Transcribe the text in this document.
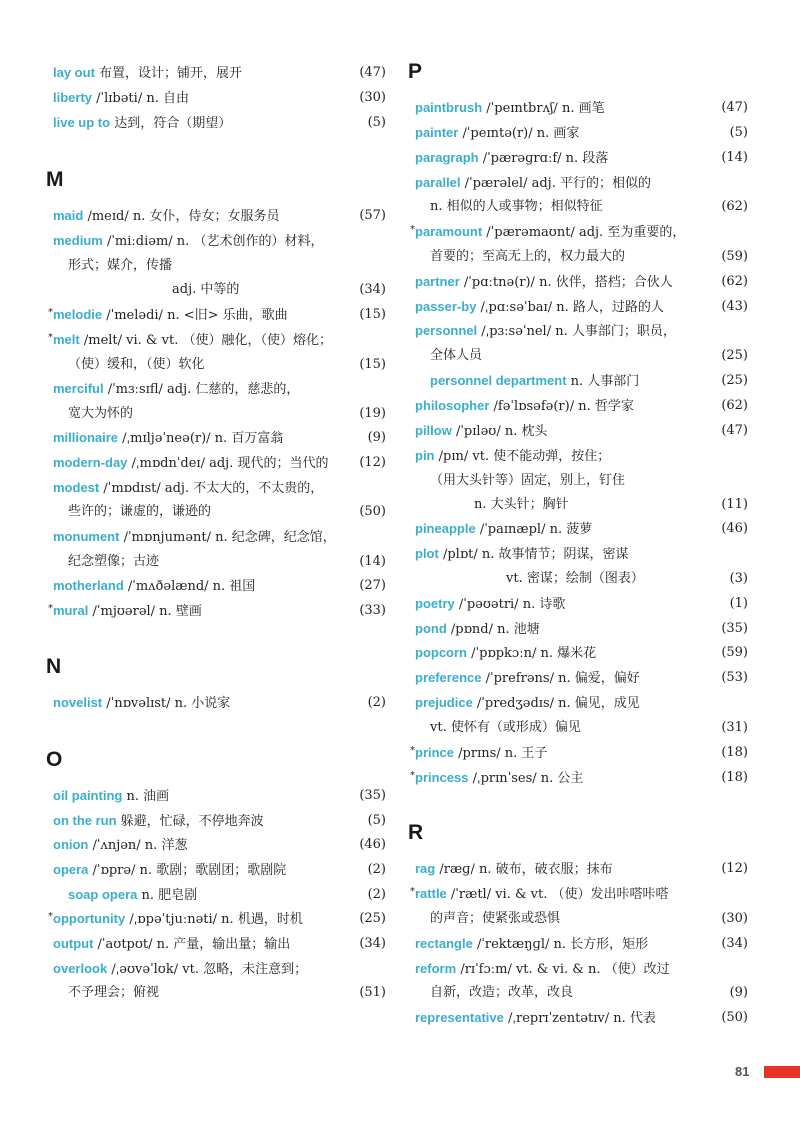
lay out 布置，设计；铺开，展开	(47)
liberty /ˈlɪbəti/ n. 自由	(30)
live up to 达到，符合（期望）	(5)
M
maid /meɪd/ n. 女仆，侍女；女服务员	(57)
medium /ˈmiːdiəm/ n. （艺术创作的）材料，
形式；媒介，传播
adj. 中等的	(34)
* melodie /ˈmelədi/ n. <旧> 乐曲，歌曲	(15)
* melt /melt/ vi. & vt. （使）融化，（使）熔化；
（使）缓和，（使）软化	(15)
merciful /ˈmɜːsɪfl/ adj. 仁慈的，慈悲的，
宽大为怀的	(19)
millionaire /ˌmɪljəˈneə(r)/ n. 百万富翁	(9)
modern-day /ˌmɒdnˈdeɪ/ adj. 现代的；当代的 (12)
modest /ˈmɒdɪst/ adj. 不太大的，不太贵的，
些许的；谦虚的，谦逊的	(50)
monument /ˈmɒnjumənt/ n. 纪念碑，纪念馆，
纪念塑像；古迹	(14)
motherland /ˈmʌðəlænd/ n. 祖国	(27)
* mural /ˈmjʊərəl/ n. 壁画	(33)
N
novelist /ˈnɒvəlɪst/ n. 小说家	(2)
O
oil painting n. 油画	(35)
on the run 躲避，忙碌，不停地奔波	(5)
onion /ˈʌnjən/ n. 洋葱	(46)
opera /ˈɒprə/ n. 歌剧；歌剧团；歌剧院	(2)
soap opera n. 肥皂剧	(2)
* opportunity /ˌɒpəˈtjuːnəti/ n. 机遇，时机	(25)
output /ˈaʊtpʊt/ n. 产量，输出量；输出	(34)
overlook /ˌəʊvəˈlʊk/ vt. 忽略，未注意到；
不予理会；俯视	(51)
P
paintbrush /ˈpeɪntbrʌʃ/ n. 画笔	(47)
painter /ˈpeɪntə(r)/ n. 画家	(5)
paragraph /ˈpærəɡrɑːf/ n. 段落	(14)
parallel /ˈpærəlel/ adj. 平行的；相似的
n. 相似的人或事物；相似特征	(62)
* paramount /ˈpærəmaʊnt/ adj. 至为重要的，
首要的；至高无上的，权力最大的	(59)
partner /ˈpɑːtnə(r)/ n. 伙伴，搭档；合伙人	(62)
passer-by /ˌpɑːsəˈbaɪ/ n. 路人，过路的人	(43)
personnel /ˌpɜːsəˈnel/ n. 人事部门；职员，
全体人员	(25)
personnel department n. 人事部门	(25)
philosopher /fəˈlɒsəfə(r)/ n. 哲学家	(62)
pillow /ˈpɪləʊ/ n. 枕头	(47)
pin /pɪn/ vt. 使不能动弹，按住；
（用大头针等）固定，别上，钉住
n. 大头针；胸针	(11)
pineapple /ˈpaɪnæpl/ n. 菠萝	(46)
plot /plɒt/ n. 故事情节；阴谋，密谋
vt. 密谋；绘制（图表）	(3)
poetry /ˈpəʊətri/ n. 诗歌	(1)
pond /pɒnd/ n. 池塘	(35)
popcorn /ˈpɒpkɔːn/ n. 爆米花	(59)
preference /ˈprefrəns/ n. 偏爱，偏好	(53)
prejudice /ˈpredʒədɪs/ n. 偏见，成见
vt. 使怀有（或形成）偏见	(31)
* prince /prɪns/ n. 王子	(18)
* princess /ˌprɪnˈses/ n. 公主	(18)
R
rag /ræɡ/ n. 破布，破衣服；抹布	(12)
* rattle /ˈrætl/ vi. & vt. （使）发出咔嗒咔嗒
的声音；使紧张或恐惧	(30)
rectangle /ˈrektæŋɡl/ n. 长方形，矩形	(34)
reform /rɪˈfɔːm/ vt. & vi. & n. （使）改过
自新，改造；改革，改良	(9)
representative /ˌreprɪˈzentətɪv/ n. 代表	(50)
81
